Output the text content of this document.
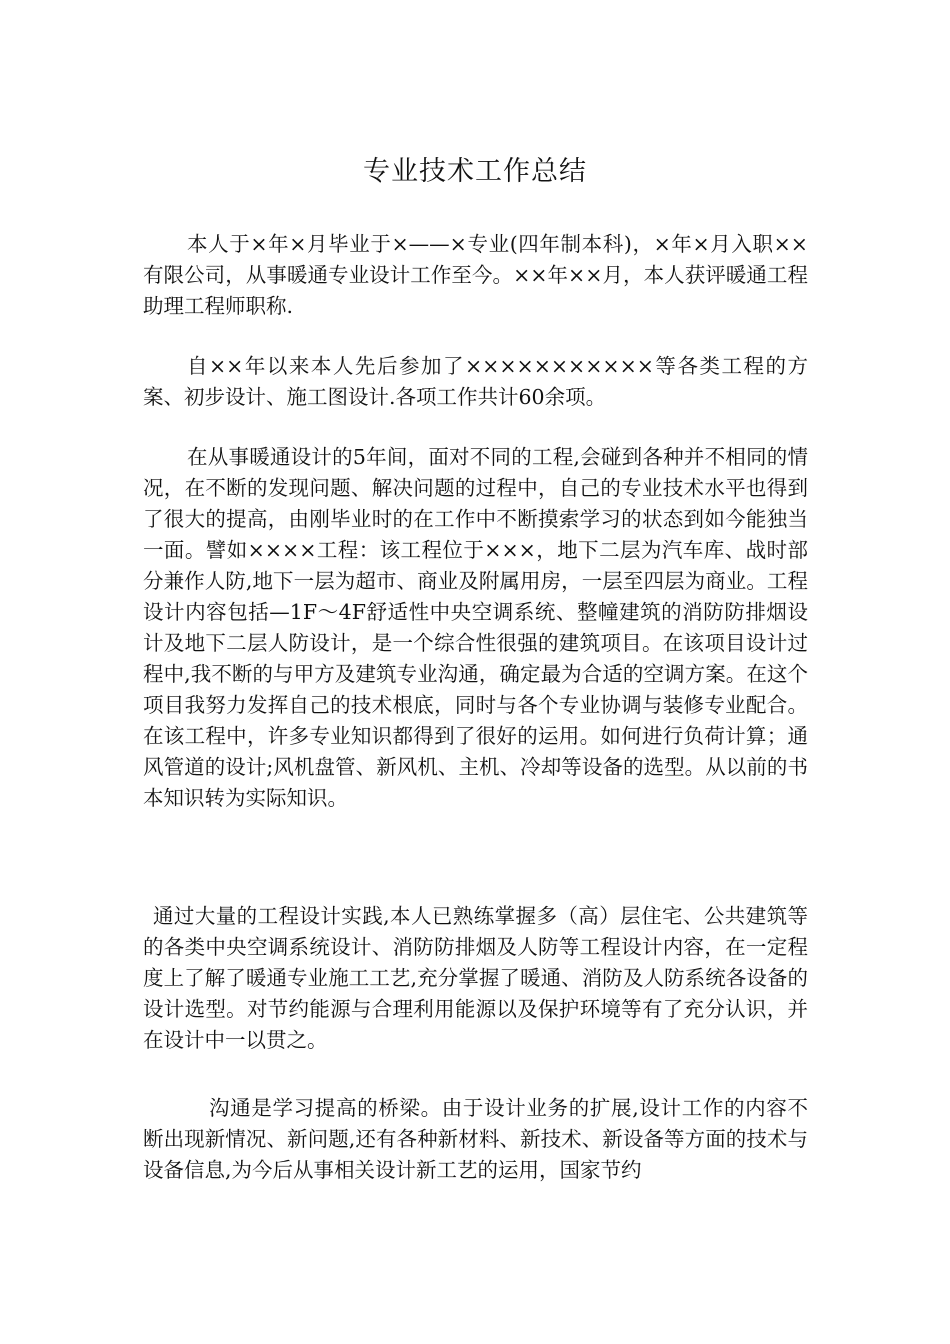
专业技术工作总结

本人于×年×月毕业于×——×专业(四年制本科)，×年×月入职××有限公司，从事暖通专业设计工作至今。××年××月，本人获评暖通工程助理工程师职称.

自××年以来本人先后参加了×××××××××××等各类工程的方案、初步设计、施工图设计.各项工作共计60余项。

在从事暖通设计的5年间，面对不同的工程,会碰到各种并不相同的情况，在不断的发现问题、解决问题的过程中，自己的专业技术水平也得到了很大的提高，由刚毕业时的在工作中不断摸索学习的状态到如今能独当一面。譬如××××工程：该工程位于×××，地下二层为汽车库、战时部分兼作人防,地下一层为超市、商业及附属用房，一层至四层为商业。工程设计内容包括—1F～4F舒适性中央空调系统、整幢建筑的消防防排烟设计及地下二层人防设计，是一个综合性很强的建筑项目。在该项目设计过程中,我不断的与甲方及建筑专业沟通，确定最为合适的空调方案。在这个项目我努力发挥自己的技术根底，同时与各个专业协调与装修专业配合。在该工程中，许多专业知识都得到了很好的运用。如何进行负荷计算；通风管道的设计;风机盘管、新风机、主机、冷却等设备的选型。从以前的书本知识转为实际知识。

通过大量的工程设计实践,本人已熟练掌握多（高）层住宅、公共建筑等的各类中央空调系统设计、消防防排烟及人防等工程设计内容，在一定程度上了解了暖通专业施工工艺,充分掌握了暖通、消防及人防系统各设备的设计选型。对节约能源与合理利用能源以及保护环境等有了充分认识，并在设计中一以贯之。

沟通是学习提高的桥梁。由于设计业务的扩展,设计工作的内容不断出现新情况、新问题,还有各种新材料、新技术、新设备等方面的技术与设备信息,为今后从事相关设计新工艺的运用，国家节约
